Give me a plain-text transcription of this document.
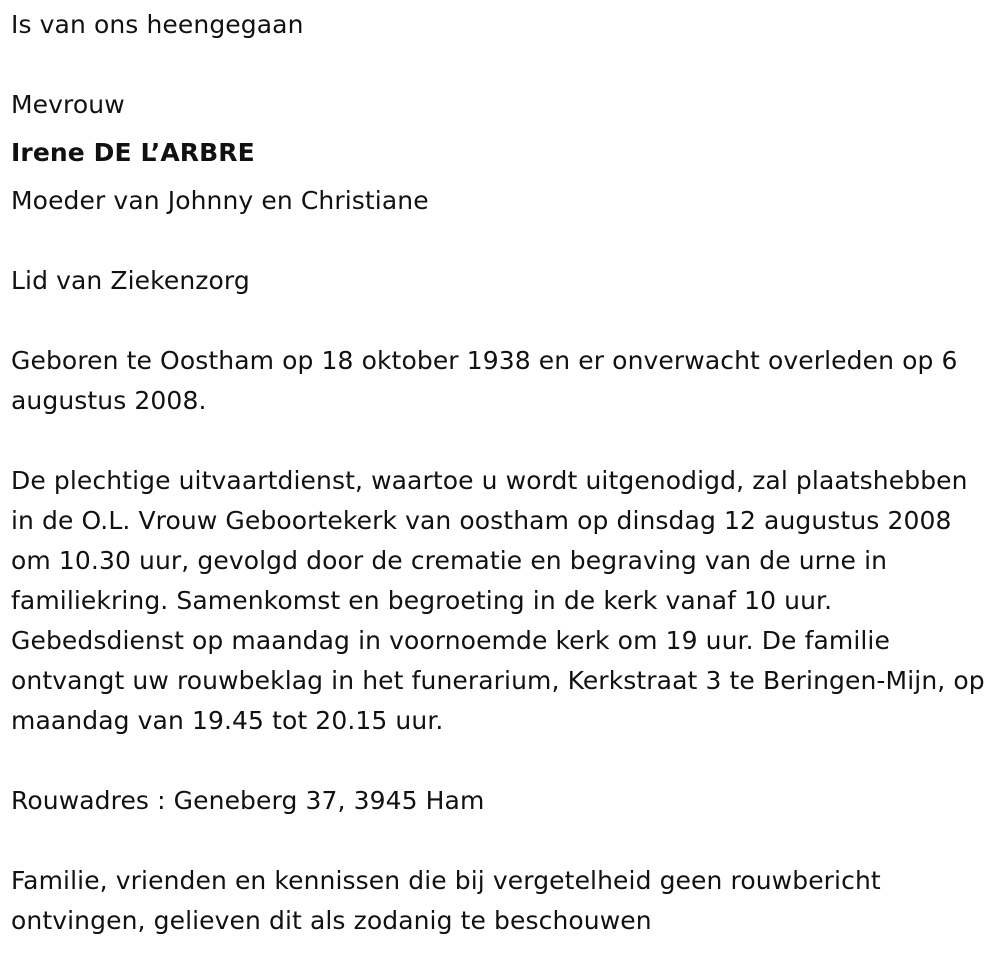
Is van ons heengegaan

Mevrouw

Irene DE L’ARBRE

Moeder van Johnny en Christiane

Lid van Ziekenzorg

Geboren te Oostham op 18 oktober 1938 en er onverwacht overleden op 6 augustus 2008.

De plechtige uitvaartdienst, waartoe u wordt uitgenodigd, zal plaatshebben in de O.L. Vrouw Geboortekerk van oostham op dinsdag 12 augustus 2008 om 10.30 uur, gevolgd door de crematie en begraving van de urne in familiekring. Samenkomst en begroeting in de kerk vanaf 10 uur. Gebedsdienst op maandag in voornoemde kerk om 19 uur. De familie ontvangt uw rouwbeklag in het funerarium, Kerkstraat 3 te Beringen-Mijn, op maandag van 19.45 tot 20.15 uur.

Rouwadres : Geneberg 37, 3945 Ham

Familie, vrienden en kennissen die bij vergetelheid geen rouwbericht ontvingen, gelieven dit als zodanig te beschouwen
